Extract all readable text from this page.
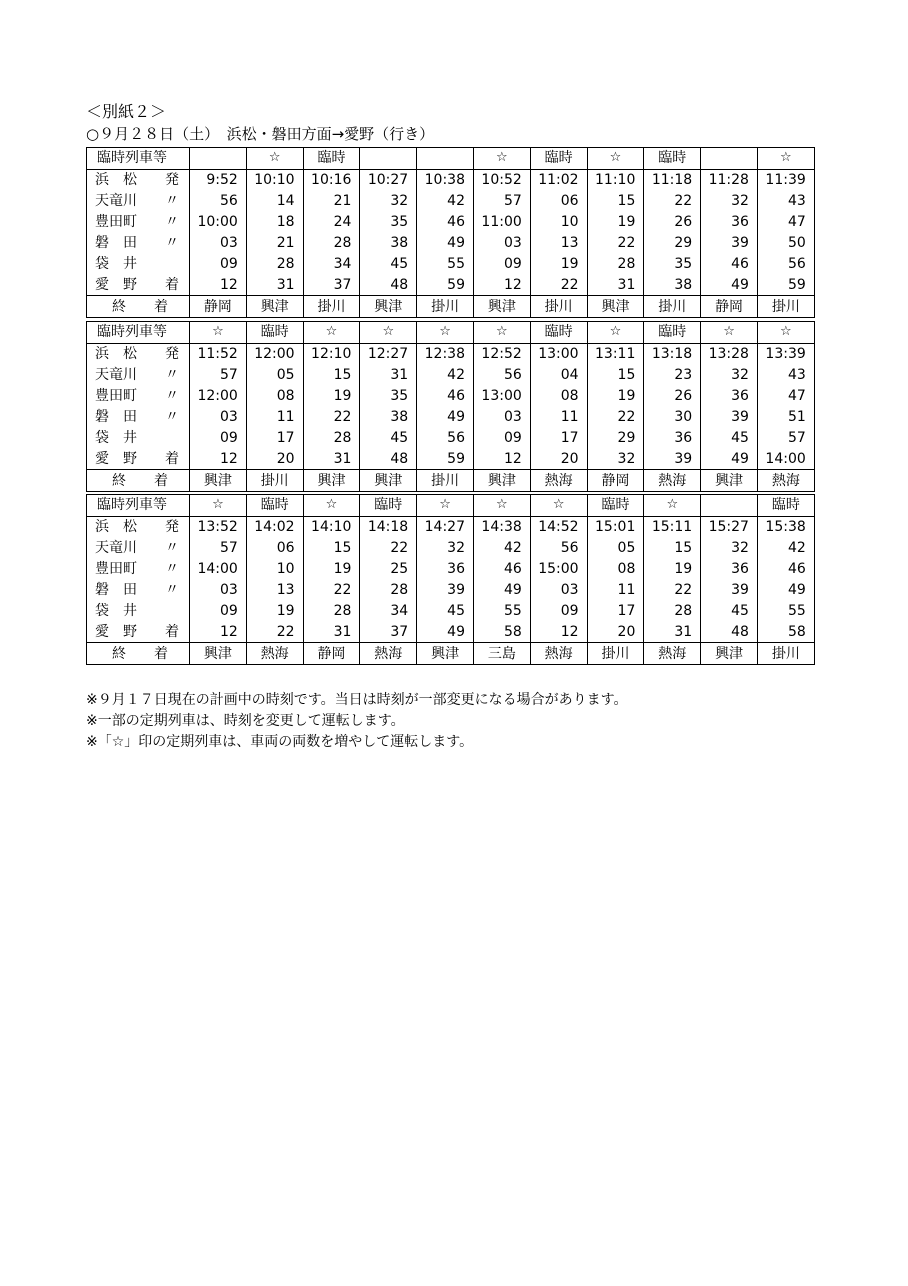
＜別紙２＞
○９月２８日（土）　浜松・磐田方面→愛野（行き）
臨時列車等		☆	臨時			☆	臨時	☆	臨時		☆
浜　松 発	9:52	10:10	10:16	10:27	10:38	10:52	11:02	11:10	11:18	11:28	11:39
天竜川 〃	56	14	21	32	42	57	06	15	22	32	43
豊田町 〃	10:00	18	24	35	46	11:00	10	19	26	36	47
磐　田 〃	03	21	28	38	49	03	13	22	29	39	50
袋　井	09	28	34	45	55	09	19	28	35	46	56
愛　野 着	12	31	37	48	59	12	22	31	38	49	59
終　　着	静岡	興津	掛川	興津	掛川	興津	掛川	興津	掛川	静岡	掛川
臨時列車等	☆	臨時	☆	☆	☆	☆	臨時	☆	臨時	☆	☆
浜　松 発	11:52	12:00	12:10	12:27	12:38	12:52	13:00	13:11	13:18	13:28	13:39
天竜川 〃	57	05	15	31	42	56	04	15	23	32	43
豊田町 〃	12:00	08	19	35	46	13:00	08	19	26	36	47
磐　田 〃	03	11	22	38	49	03	11	22	30	39	51
袋　井	09	17	28	45	56	09	17	29	36	45	57
愛　野 着	12	20	31	48	59	12	20	32	39	49	14:00
終　　着	興津	掛川	興津	興津	掛川	興津	熱海	静岡	熱海	興津	熱海
臨時列車等	☆	臨時	☆	臨時	☆	☆	☆	臨時	☆		臨時
浜　松 発	13:52	14:02	14:10	14:18	14:27	14:38	14:52	15:01	15:11	15:27	15:38
天竜川 〃	57	06	15	22	32	42	56	05	15	32	42
豊田町 〃	14:00	10	19	25	36	46	15:00	08	19	36	46
磐　田 〃	03	13	22	28	39	49	03	11	22	39	49
袋　井	09	19	28	34	45	55	09	17	28	45	55
愛　野 着	12	22	31	37	49	58	12	20	31	48	58
終　　着	興津	熱海	静岡	熱海	興津	三島	熱海	掛川	熱海	興津	掛川
※９月１７日現在の計画中の時刻です。当日は時刻が一部変更になる場合があります。
※一部の定期列車は、時刻を変更して運転します。
※「☆」印の定期列車は、車両の両数を増やして運転します。
